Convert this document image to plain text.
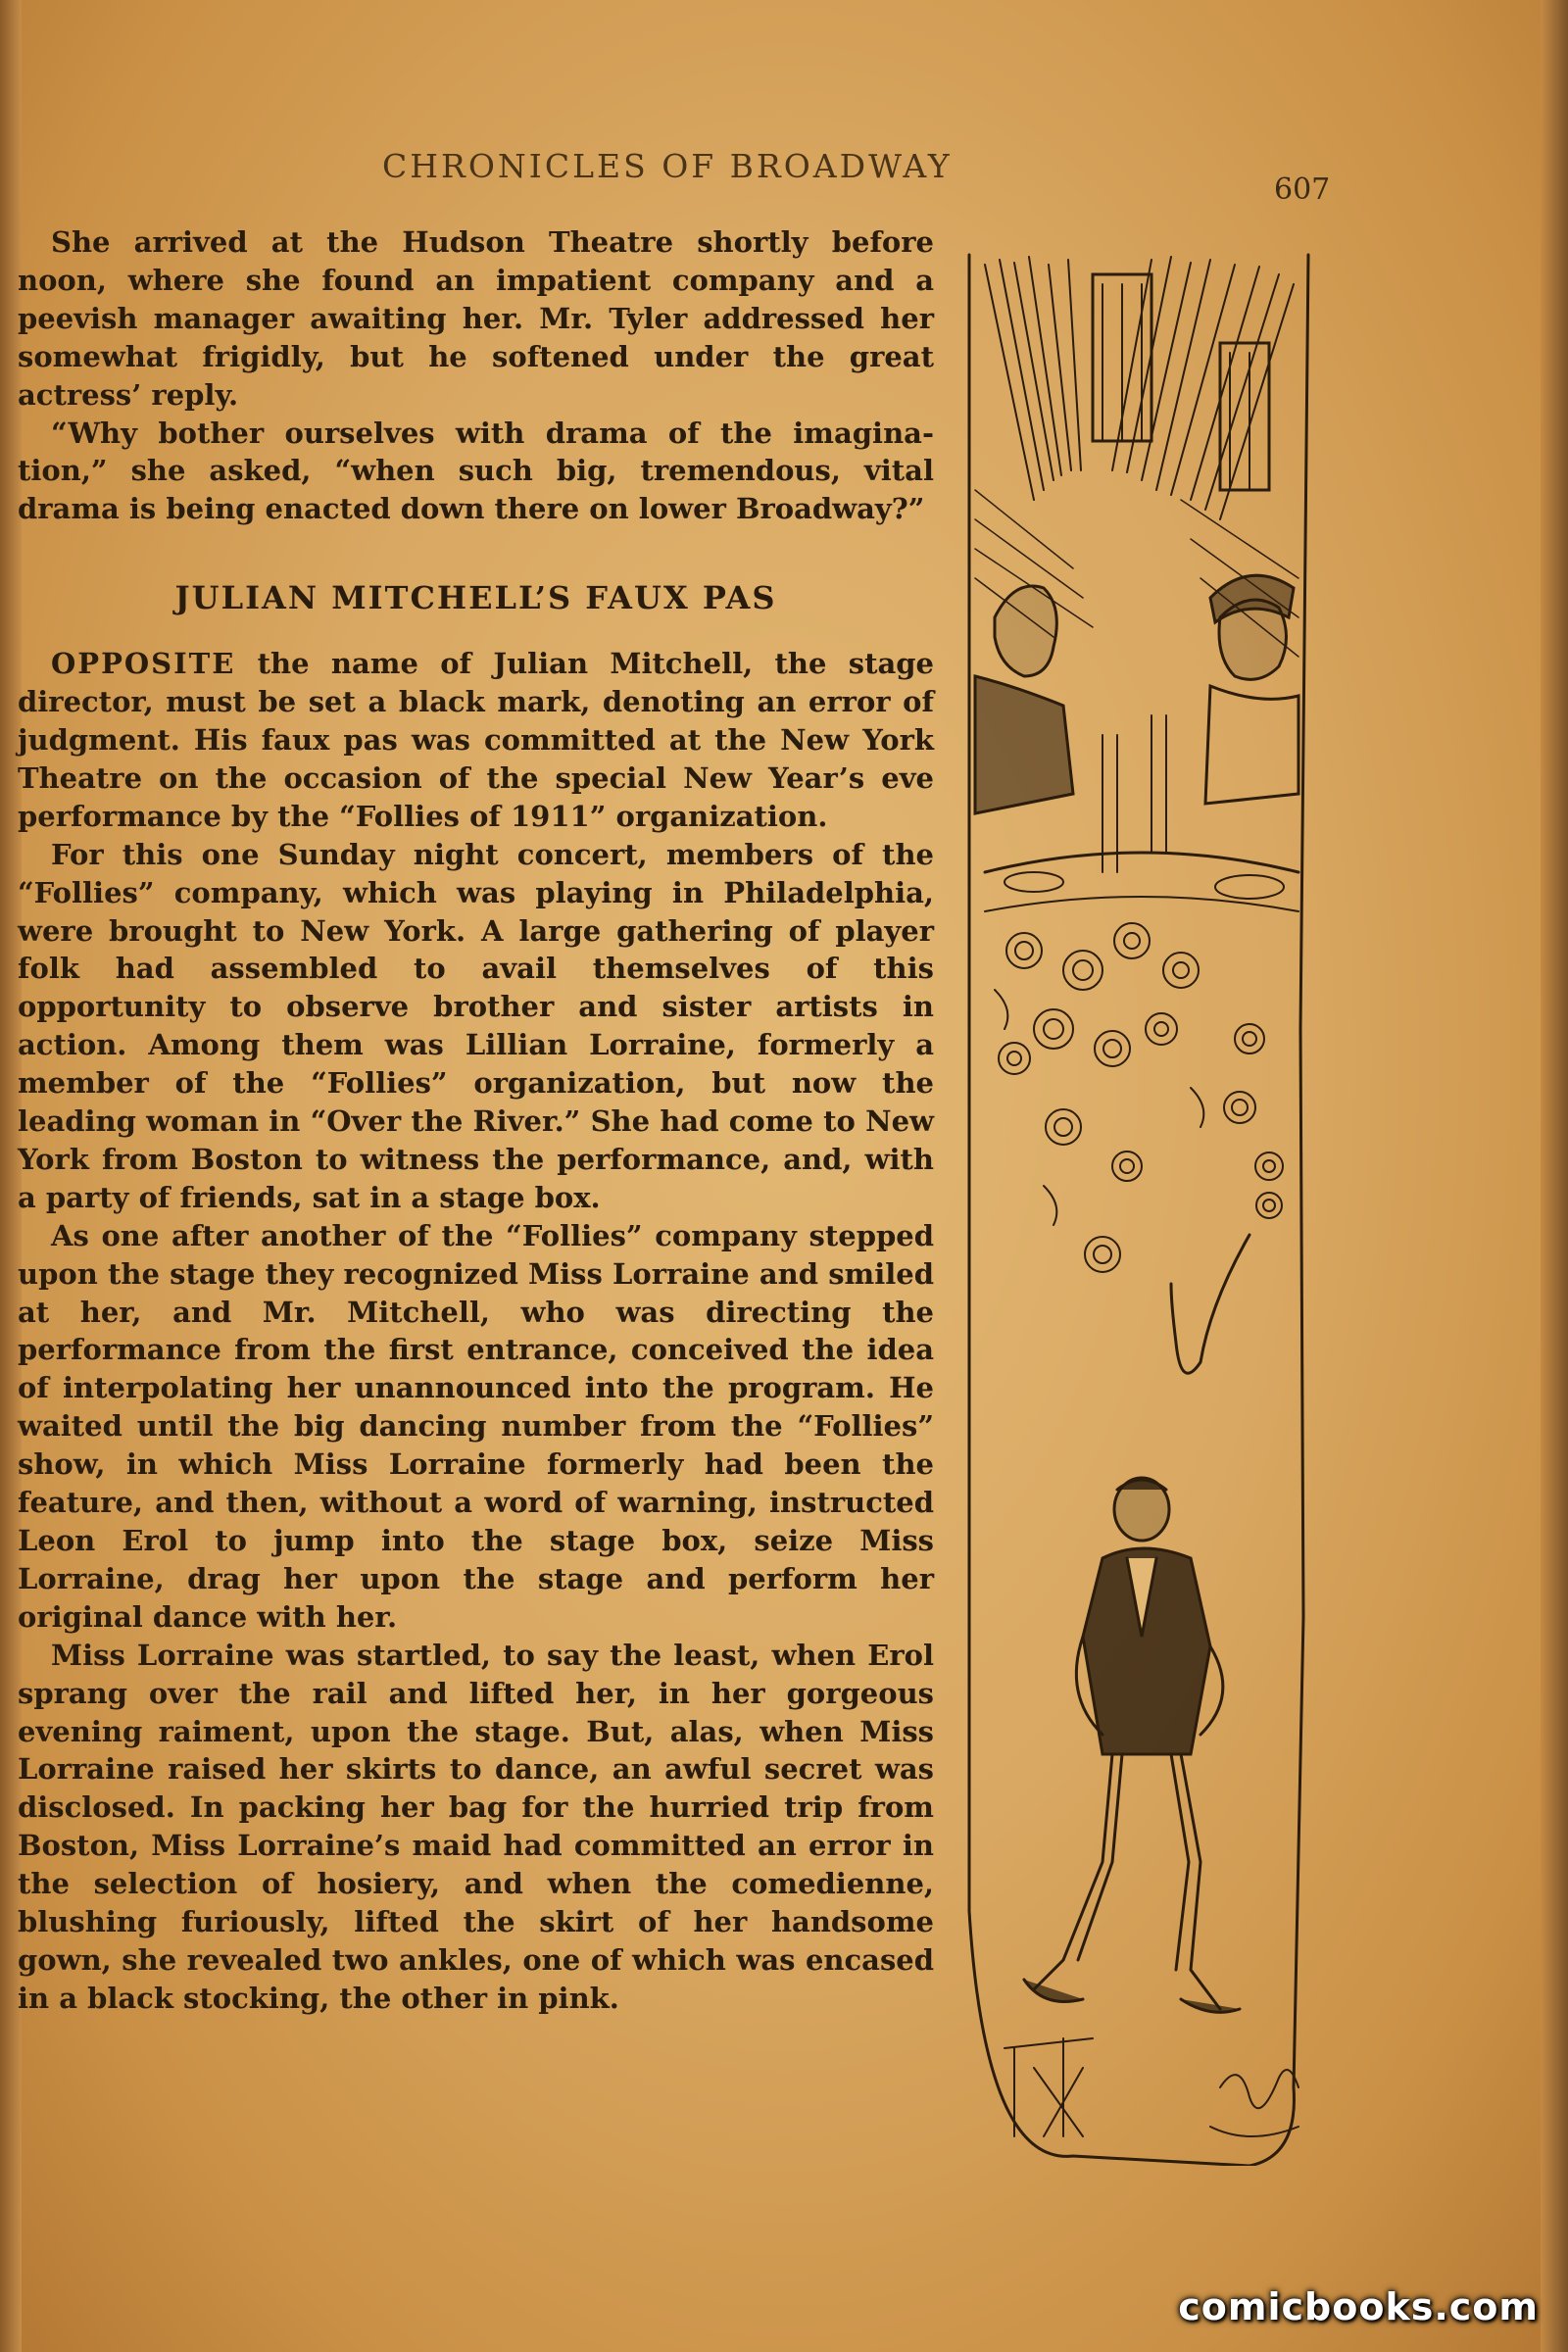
CHRONICLES OF BROADWAY
607

She arrived at the Hudson Theatre shortly before noon, where she found an impatient company and a peevish manager awaiting her. Mr. Tyler addressed her somewhat frigidly, but he softened under the great actress’ reply.

“Why bother ourselves with drama of the imagination,” she asked, “when such big, tremendous, vital drama is being enacted down there on lower Broadway?”

JULIAN MITCHELL’S FAUX PAS

OPPOSITE the name of Julian Mitchell, the stage director, must be set a black mark, denoting an error of judgment. His faux pas was committed at the New York Theatre on the occasion of the special New Year’s eve performance by the “Follies of 1911” organization.

For this one Sunday night concert, members of the “Follies” company, which was playing in Philadelphia, were brought to New York. A large gathering of player folk had assembled to avail themselves of this opportunity to observe brother and sister artists in action. Among them was Lillian Lorraine, formerly a member of the “Follies” organization, but now the leading woman in “Over the River.” She had come to New York from Boston to witness the performance, and, with a party of friends, sat in a stage box.

As one after another of the “Follies” company stepped upon the stage they recognized Miss Lorraine and smiled at her, and Mr. Mitchell, who was directing the performance from the first entrance, conceived the idea of interpolating her unannounced into the program. He waited until the big dancing number from the “Follies” show, in which Miss Lorraine formerly had been the feature, and then, without a word of warning, instructed Leon Erol to jump into the stage box, seize Miss Lorraine, drag her upon the stage and perform her original dance with her.

Miss Lorraine was startled, to say the least, when Erol sprang over the rail and lifted her, in her gorgeous evening raiment, upon the stage. But, alas, when Miss Lorraine raised her skirts to dance, an awful secret was disclosed. In packing her bag for the hurried trip from Boston, Miss Lorraine’s maid had committed an error in the selection of hosiery, and when the comedienne, blushing furiously, lifted the skirt of her handsome gown, she revealed two ankles, one of which was encased in a black stocking, the other in pink.

comicbooks.com
